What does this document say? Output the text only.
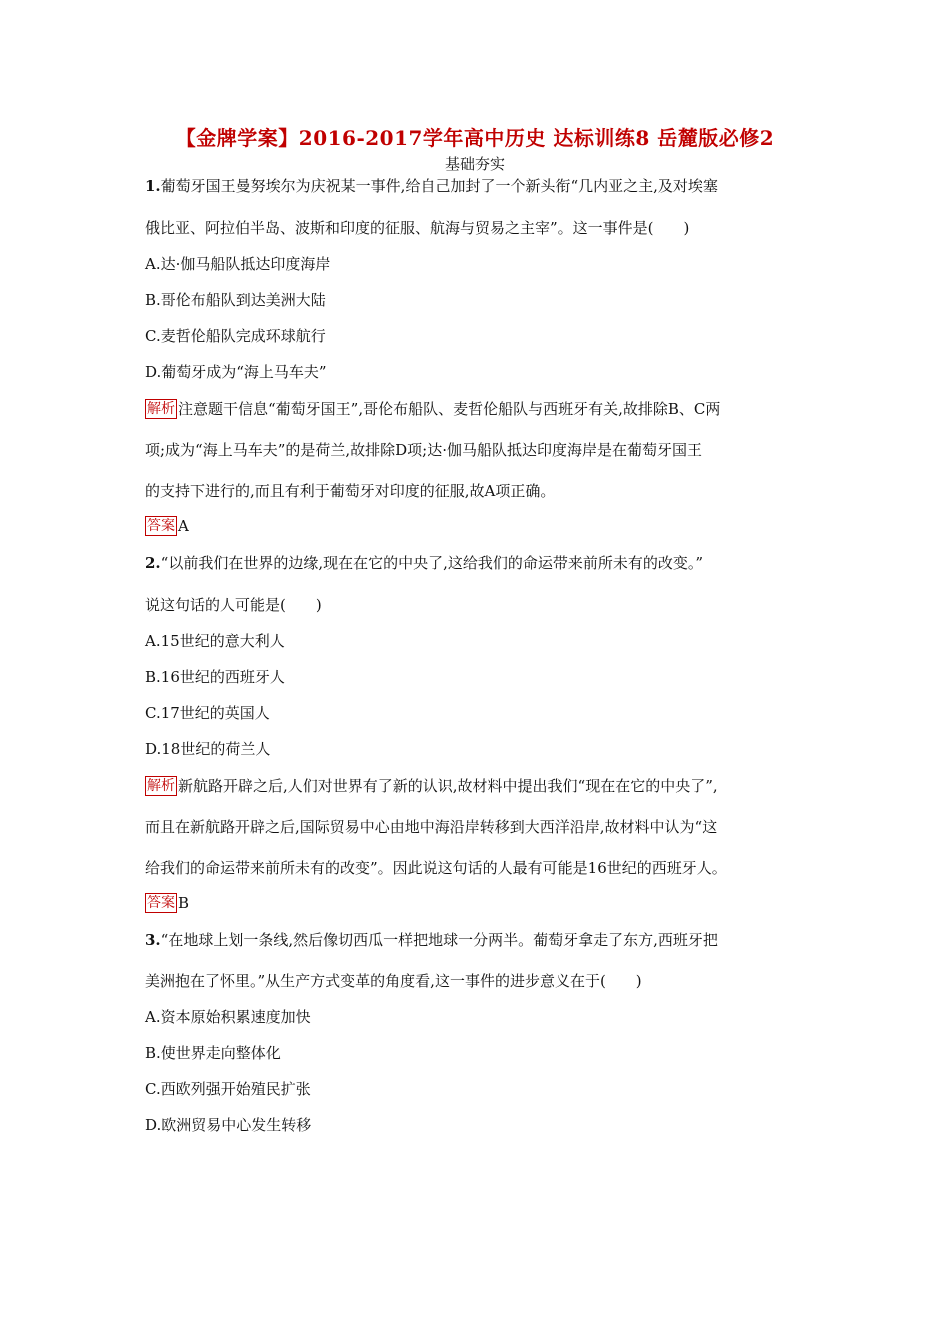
【金牌学案】2016-2017学年高中历史 达标训练8 岳麓版必修2
基础夯实
1.葡萄牙国王曼努埃尔为庆祝某一事件,给自己加封了一个新头衔“几内亚之主,及对埃塞
俄比亚、阿拉伯半岛、波斯和印度的征服、航海与贸易之主宰”。这一事件是(　　)
A.达·伽马船队抵达印度海岸
B.哥伦布船队到达美洲大陆
C.麦哲伦船队完成环球航行
D.葡萄牙成为“海上马车夫”
解析 注意题干信息“葡萄牙国王”,哥伦布船队、麦哲伦船队与西班牙有关,故排除B、C两
项;成为“海上马车夫”的是荷兰,故排除D项;达·伽马船队抵达印度海岸是在葡萄牙国王
的支持下进行的,而且有利于葡萄牙对印度的征服,故A项正确。
答案 A
2.“以前我们在世界的边缘,现在在它的中央了,这给我们的命运带来前所未有的改变。”
说这句话的人可能是(　　)
A.15世纪的意大利人
B.16世纪的西班牙人
C.17世纪的英国人
D.18世纪的荷兰人
解析 新航路开辟之后,人们对世界有了新的认识,故材料中提出我们“现在在它的中央了”,
而且在新航路开辟之后,国际贸易中心由地中海沿岸转移到大西洋沿岸,故材料中认为“这
给我们的命运带来前所未有的改变”。因此说这句话的人最有可能是16世纪的西班牙人。
答案 B
3.“在地球上划一条线,然后像切西瓜一样把地球一分两半。葡萄牙拿走了东方,西班牙把
美洲抱在了怀里。”从生产方式变革的角度看,这一事件的进步意义在于(　　)
A.资本原始积累速度加快
B.使世界走向整体化
C.西欧列强开始殖民扩张
D.欧洲贸易中心发生转移
